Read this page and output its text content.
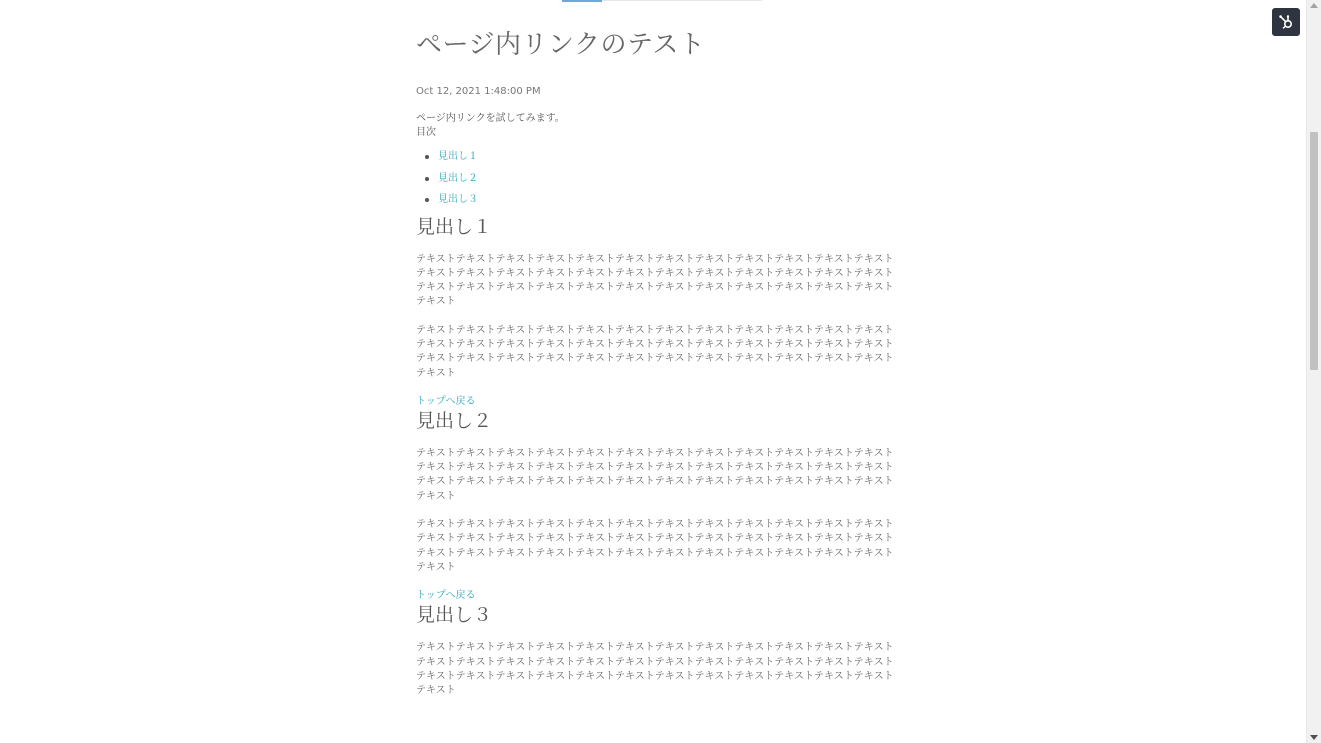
ページ内リンクのテスト
Oct 12, 2021 1:48:00 PM
ページ内リンクを試してみます。
目次
見出し１
見出し２
見出し３
見出し１

テキストテキストテキストテキストテキストテキストテキストテキストテキストテキストテキストテキストテキストテキストテキストテキストテキストテキストテキストテキストテキストテキストテキストテキストテキストテキストテキストテキストテキストテキストテキストテキストテキストテキストテキストテキストテキスト

テキストテキストテキストテキストテキストテキストテキストテキストテキストテキストテキストテキストテキストテキストテキストテキストテキストテキストテキストテキストテキストテキストテキストテキストテキストテキストテキストテキストテキストテキストテキストテキストテキストテキストテキストテキストテキスト

トップへ戻る
見出し２

テキストテキストテキストテキストテキストテキストテキストテキストテキストテキストテキストテキストテキストテキストテキストテキストテキストテキストテキストテキストテキストテキストテキストテキストテキストテキストテキストテキストテキストテキストテキストテキストテキストテキストテキストテキストテキスト

テキストテキストテキストテキストテキストテキストテキストテキストテキストテキストテキストテキストテキストテキストテキストテキストテキストテキストテキストテキストテキストテキストテキストテキストテキストテキストテキストテキストテキストテキストテキストテキストテキストテキストテキストテキストテキスト

トップへ戻る
見出し３

テキストテキストテキストテキストテキストテキストテキストテキストテキストテキストテキストテキストテキストテキストテキストテキストテキストテキストテキストテキストテキストテキストテキストテキストテキストテキストテキストテキストテキストテキストテキストテキストテキストテキストテキストテキストテキスト
